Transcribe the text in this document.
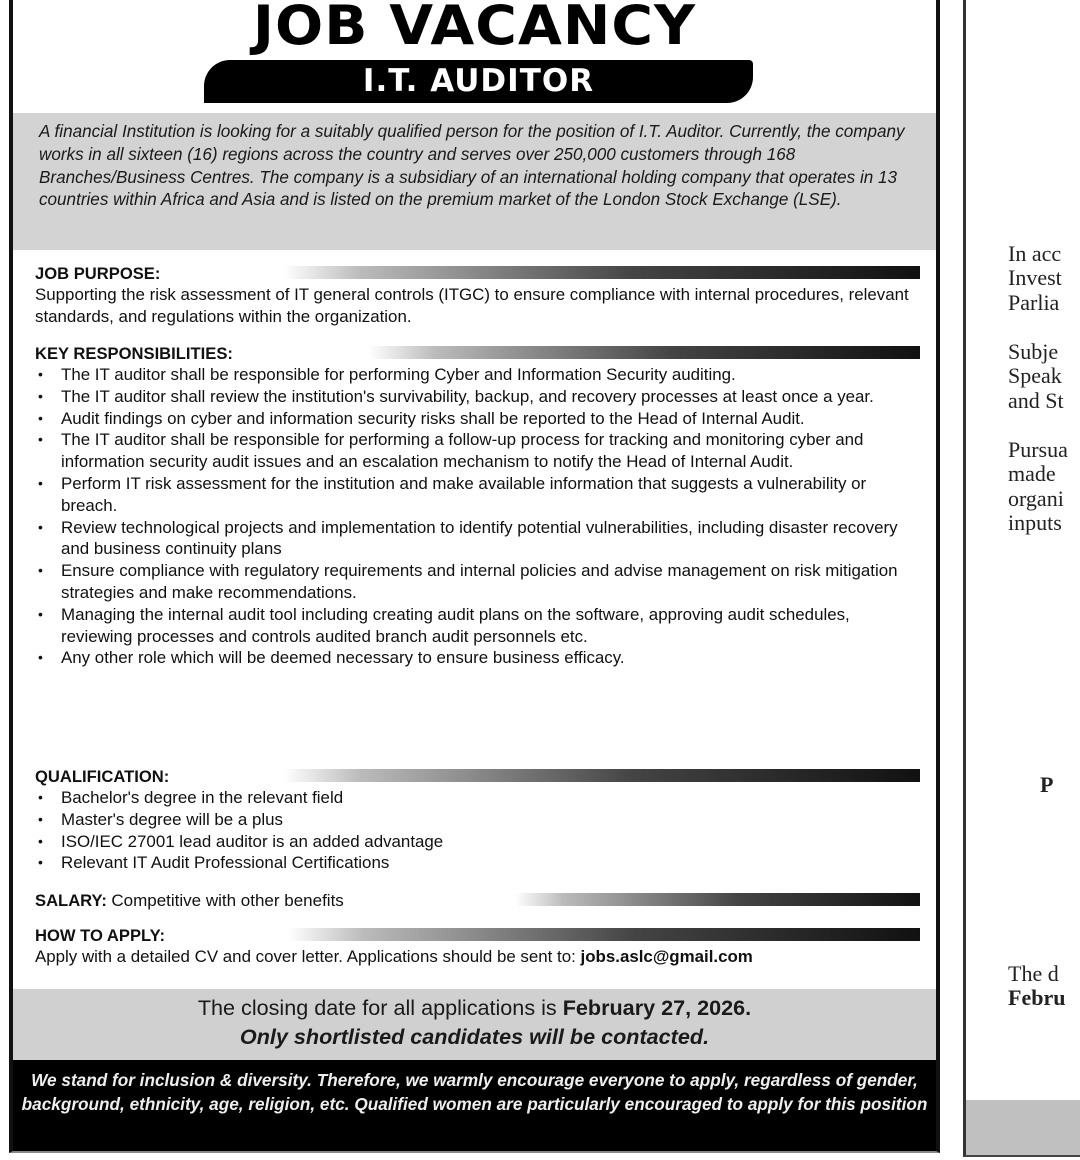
JOB VACANCY
I.T. AUDITOR

A financial Institution is looking for a suitably qualified person for the position of I.T. Auditor. Currently, the company works in all sixteen (16) regions across the country and serves over 250,000 customers through 168 Branches/Business Centres. The company is a subsidiary of an international holding company that operates in 13 countries within Africa and Asia and is listed on the premium market of the London Stock Exchange (LSE).

JOB PURPOSE:

Supporting the risk assessment of IT general controls (ITGC) to ensure compliance with internal procedures, relevant standards, and regulations within the organization.

KEY RESPONSIBILITIES:
• The IT auditor shall be responsible for performing Cyber and Information Security auditing.
• The IT auditor shall review the institution's survivability, backup, and recovery processes at least once a year.
• Audit findings on cyber and information security risks shall be reported to the Head of Internal Audit.
• The IT auditor shall be responsible for performing a follow-up process for tracking and monitoring cyber and information security audit issues and an escalation mechanism to notify the Head of Internal Audit.
• Perform IT risk assessment for the institution and make available information that suggests a vulnerability or breach.
• Review technological projects and implementation to identify potential vulnerabilities, including disaster recovery and business continuity plans
• Ensure compliance with regulatory requirements and internal policies and advise management on risk mitigation strategies and make recommendations.
• Managing the internal audit tool including creating audit plans on the software, approving audit schedules, reviewing processes and controls audited branch audit personnels etc.
• Any other role which will be deemed necessary to ensure business efficacy.
QUALIFICATION:
• Bachelor's degree in the relevant field
• Master's degree will be a plus
• ISO/IEC 27001 lead auditor is an added advantage
• Relevant IT Audit Professional Certifications
SALARY: Competitive with other benefits
HOW TO APPLY:

Apply with a detailed CV and cover letter. Applications should be sent to: jobs.aslc@gmail.com

The closing date for all applications is February 27, 2026.
Only shortlisted candidates will be contacted.
We stand for inclusion & diversity. Therefore, we warmly encourage everyone to apply, regardless of gender, background, ethnicity, age, religion, etc. Qualified women are particularly encouraged to apply for this position
In acc
Invest
Parlia
Subje
Speak
and St
Pursua
made
organi
inputs
P
The d
Febru
